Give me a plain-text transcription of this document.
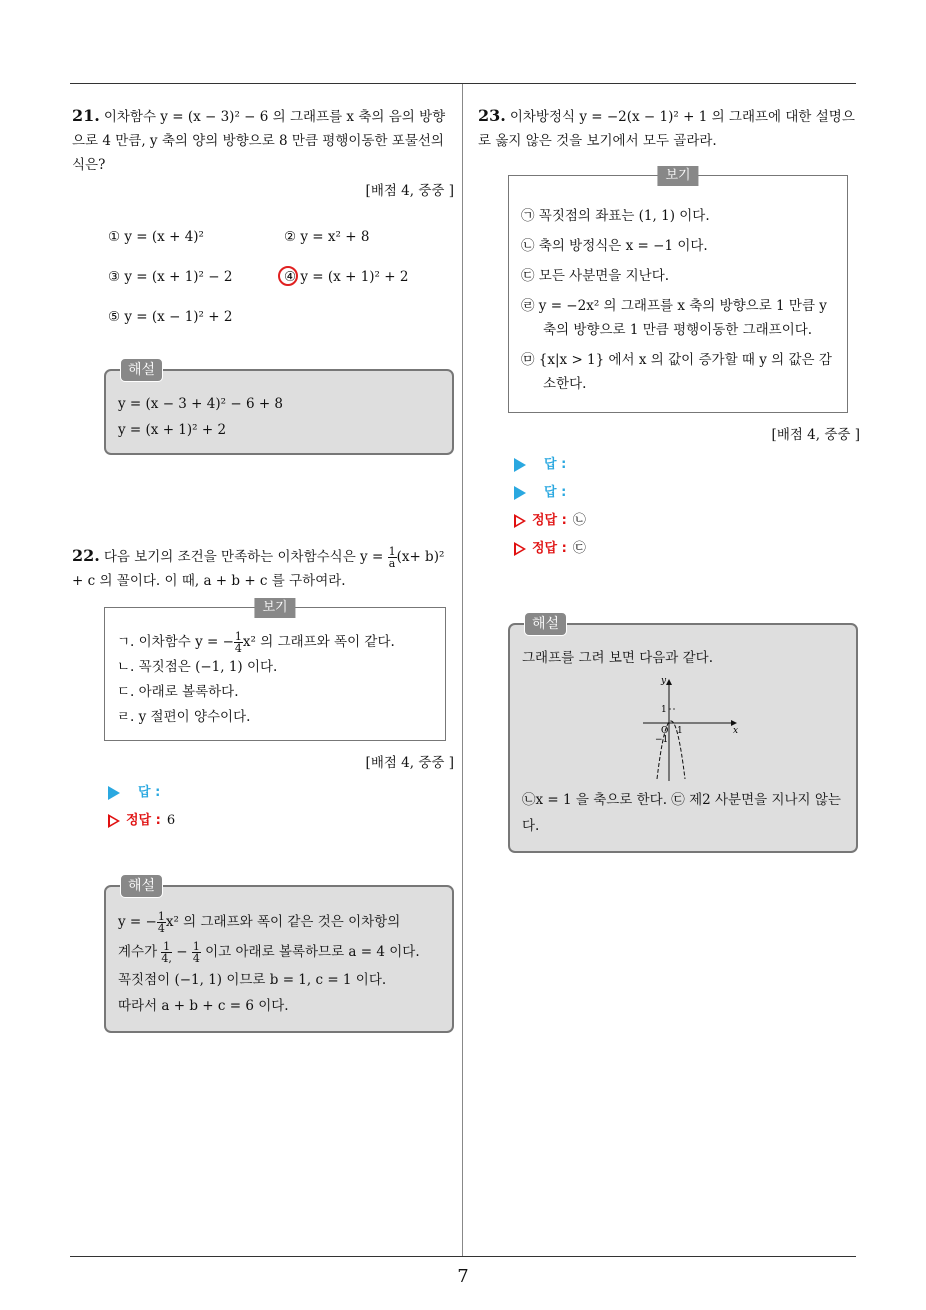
21. 이차함수 y = (x − 3)² − 6 의 그래프를 x 축의 음의 방향으로 4 만큼, y 축의 양의 방향으로 8 만큼 평행이동한 포물선의 식은?
[배점 4, 중중 ]
① y = (x + 4)²	② y = x² + 8
③ y = (x + 1)² − 2	④ y = (x + 1)² + 2
⑤ y = (x − 1)² + 2
해설
y = (x − 3 + 4)² − 6 + 8
y = (x + 1)² + 2
22. 다음 보기의 조건을 만족하는 이차함수식은 $y = \frac{1}{a} (x+ b)^2 + c$ 의 꼴이다. 이 때, a + b + c 를 구하여라.
보기
ㄱ. 이차함수 y = − $\frac{1}{4} x^2$ 의 그래프와 폭이 같다.
ㄴ. 꼭짓점은 (−1, 1) 이다.
ㄷ. 아래로 볼록하다.
ㄹ. y 절편이 양수이다.
[배점 4, 중중 ]
답 :
정답 : 6
해설
y = − $\frac{1}{4} x^2$ 의 그래프와 폭이 같은 것은 이차항의
계수가 $\frac{1}{4,} - \frac{1}{4}$ 이고 아래로 볼록하므로 a = 4 이다.
꼭짓점이 (−1, 1) 이므로 b = 1, c = 1 이다.
따라서 a + b + c = 6 이다.
23. 이차방정식 y = −2(x − 1)² + 1 의 그래프에 대한 설명으로 옳지 않은 것을 보기에서 모두 골라라.
보기
㉠ 꼭짓점의 좌표는 (1, 1) 이다.
㉡ 축의 방정식은 x = −1 이다.
㉢ 모든 사분면을 지난다.
㉣ y = −2x² 의 그래프를 x 축의 방향으로 1 만큼 y 축의 방향으로 1 만큼 평행이동한 그래프이다.
㉤ {x|x > 1} 에서 x 의 값이 증가할 때 y 의 값은 감소한다.
[배점 4, 중중 ]
답 :
답 :
정답 : ㉡
정답 : ㉢
해설
그래프를 그려 보면 다음과 같다.
y
x
O 1
1
−1
㉡x = 1 을 축으로 한다. ㉢ 제2 사분면을 지나지 않는다.
7
